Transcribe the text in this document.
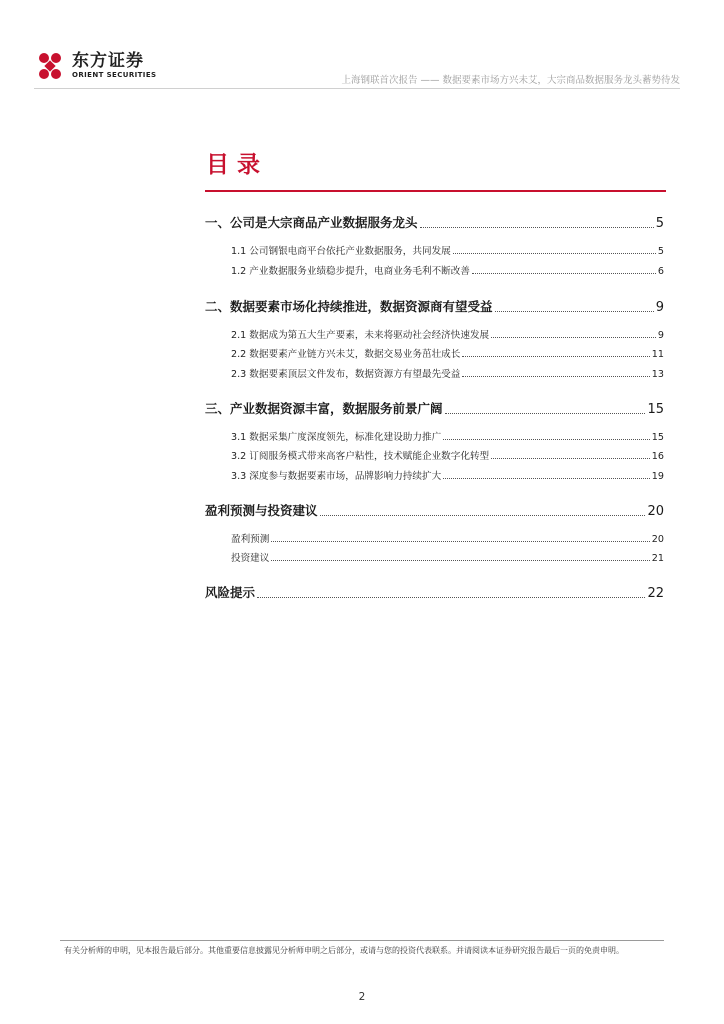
东方证券
ORIENT SECURITIES	上海钢联首次报告 —— 数据要素市场方兴未艾，大宗商品数据服务龙头蓄势待发
目录
一、公司是大宗商品产业数据服务龙头	5
1.1 公司钢银电商平台依托产业数据服务，共同发展	5
1.2 产业数据服务业绩稳步提升，电商业务毛利不断改善	6
二、数据要素市场化持续推进，数据资源商有望受益	9
2.1 数据成为第五大生产要素，未来将驱动社会经济快速发展	9
2.2 数据要素产业链方兴未艾，数据交易业务茁壮成长	11
2.3 数据要素顶层文件发布，数据资源方有望最先受益	13
三、产业数据资源丰富，数据服务前景广阔	15
3.1 数据采集广度深度领先，标准化建设助力推广	15
3.2 订阅服务模式带来高客户粘性，技术赋能企业数字化转型	16
3.3 深度参与数据要素市场，品牌影响力持续扩大	19
盈利预测与投资建议	20
盈利预测	20
投资建议	21
风险提示	22
有关分析师的申明，见本报告最后部分。其他重要信息披露见分析师申明之后部分，或请与您的投资代表联系。并请阅读本证券研究报告最后一页的免责申明。
2
